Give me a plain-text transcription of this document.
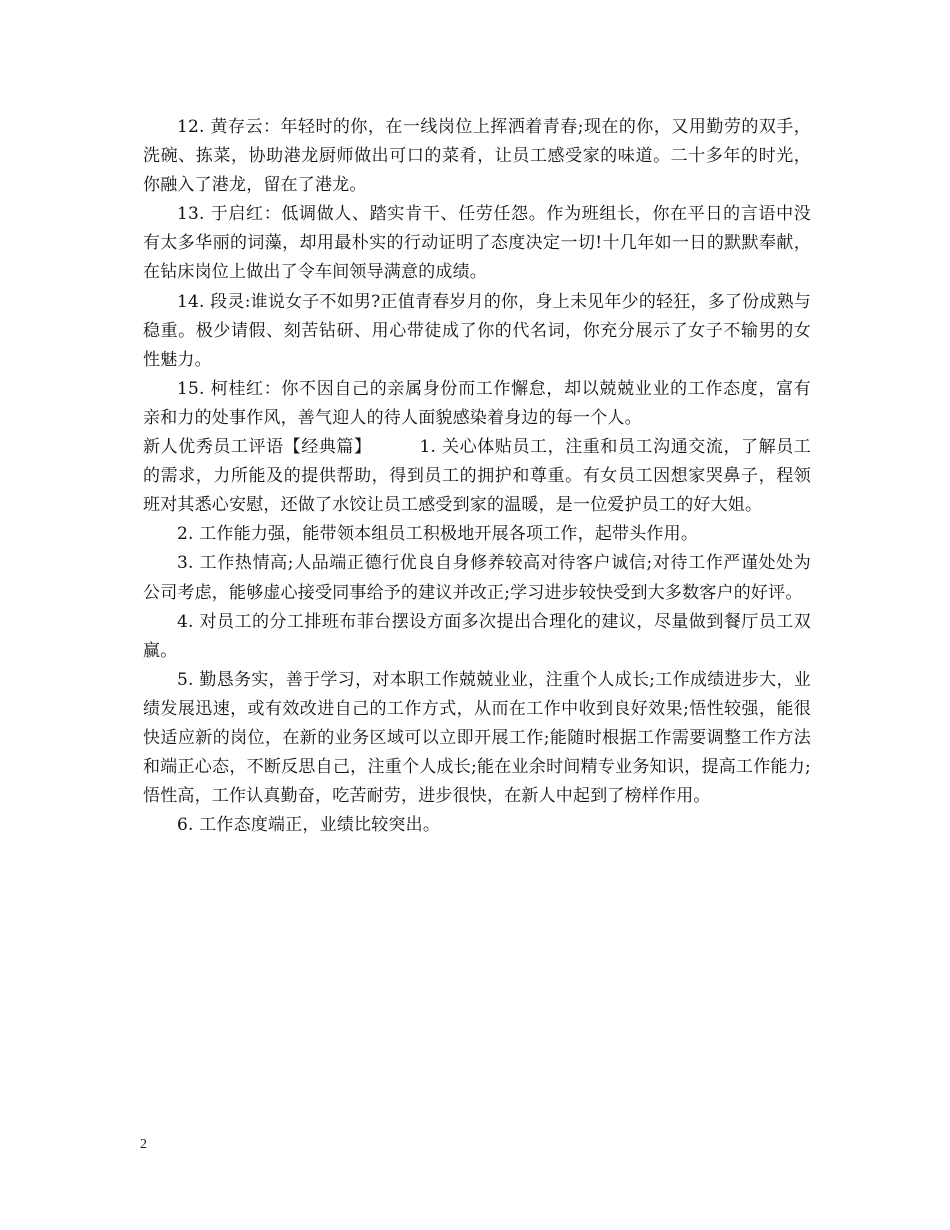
12. 黄存云：年轻时的你，在一线岗位上挥洒着青春;现在的你，又用勤劳的双手，洗碗、拣菜，协助港龙厨师做出可口的菜肴，让员工感受家的味道。二十多年的时光，你融入了港龙，留在了港龙。

13. 于启红：低调做人、踏实肯干、任劳任怨。作为班组长，你在平日的言语中没有太多华丽的词藻，却用最朴实的行动证明了态度决定一切!十几年如一日的默默奉献，在钻床岗位上做出了令车间领导满意的成绩。

14. 段灵:谁说女子不如男?正值青春岁月的你，身上未见年少的轻狂，多了份成熟与稳重。极少请假、刻苦钻研、用心带徒成了你的代名词，你充分展示了女子不输男的女性魅力。

15. 柯桂红：你不因自己的亲属身份而工作懈怠，却以兢兢业业的工作态度，富有亲和力的处事作风，善气迎人的待人面貌感染着身边的每一个人。

新人优秀员工评语【经典篇】	1. 关心体贴员工，注重和员工沟通交流，了解员工的需求，力所能及的提供帮助，得到员工的拥护和尊重。有女员工因想家哭鼻子，程领班对其悉心安慰，还做了水饺让员工感受到家的温暖，是一位爱护员工的好大姐。

2. 工作能力强，能带领本组员工积极地开展各项工作，起带头作用。

3. 工作热情高;人品端正德行优良自身修养较高对待客户诚信;对待工作严谨处处为公司考虑，能够虚心接受同事给予的建议并改正;学习进步较快受到大多数客户的好评。

4. 对员工的分工排班布菲台摆设方面多次提出合理化的建议，尽量做到餐厅员工双赢。

5. 勤恳务实，善于学习，对本职工作兢兢业业，注重个人成长;工作成绩进步大，业绩发展迅速，或有效改进自己的工作方式，从而在工作中收到良好效果;悟性较强，能很快适应新的岗位，在新的业务区域可以立即开展工作;能随时根据工作需要调整工作方法和端正心态，不断反思自己，注重个人成长;能在业余时间精专业务知识，提高工作能力;悟性高，工作认真勤奋，吃苦耐劳，进步很快，在新人中起到了榜样作用。

6. 工作态度端正，业绩比较突出。

2
